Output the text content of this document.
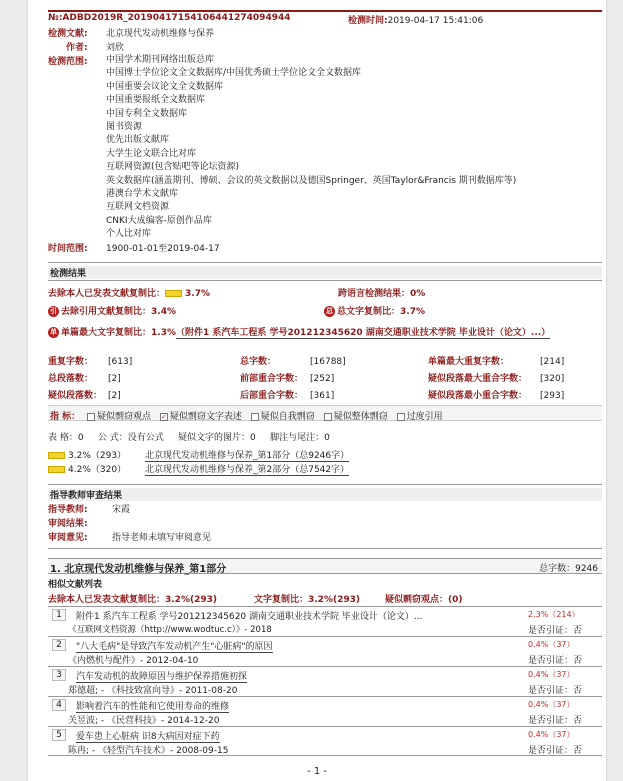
№:ADBD2019R_20190417154106441274094944	检测时间:2019-04-17 15:41:06
检测文献: 北京现代发动机维修与保养
作者: 刘欣
检测范围: 中国学术期刊网络出版总库
中国博士学位论文全文数据库/中国优秀硕士学位论文全文数据库
中国重要会议论文全文数据库
中国重要报纸全文数据库
中国专利全文数据库
图书资源
优先出版文献库
大学生论文联合比对库
互联网资源(包含贴吧等论坛资源)
英文数据库(涵盖期刊、博硕、会议的英文数据以及德国Springer、英国Taylor&Francis 期刊数据库等)
港澳台学术文献库
互联网文档资源
CNKI大成编客-原创作品库
个人比对库
时间范围: 1900-01-01至2019-04-17
检测结果
去除本人已发表文献复制比： 3.7%	跨语言检测结果：0%
引 去除引用文献复制比：3.4%	总 总文字复制比：3.7%
单 单篇最大文字复制比：1.3%（附件1 系汽车工程系 学号201212345620 湖南交通职业技术学院 毕业设计（论文）...）
重复字数： [613]	总字数：	[16788]	单篇最大重复字数：	[214]
总段落数： [2]	前部重合字数： [252]	疑似段落最大重合字数： [320]
疑似段落数： [2]	后部重合字数： [361]	疑似段落最小重合字数： [293]
指 标： 疑似剽窃观点 ✓ 疑似剽窃文字表述 疑似自我剽窃 疑似整体剽窃 过度引用
表 格：0     公 式：没有公式     疑似文字的图片：0     脚注与尾注：0
3.2%（293） 北京现代发动机维修与保养_第1部分（总9246字）
4.2%（320） 北京现代发动机维修与保养_第2部分（总7542字）
指导教师审查结果
指导教师:	宋霞
审阅结果:
审阅意见:	指导老师未填写审阅意见
1. 北京现代发动机维修与保养_第1部分	总字数：9246
相似文献列表
去除本人已发表文献复制比：3.2%(293)	文字复制比：3.2%(293)	疑似剽窃观点：(0)
1	附件1 系汽车工程系 学号201212345620 湖南交通职业技术学院 毕业设计（论文）...	2.3%（214）
《互联网文档资源（http://www.wodtuc.c）》- 2018	是否引证：否
2	"八大毛病"是导致汽车发动机产生"心脏病"的原因	0.4%（37）
《内燃机与配件》- 2012-04-10	是否引证：否
3	汽车发动机的故障原因与维护保养措施初探	0.4%（37）
郑德超; - 《科技致富向导》- 2011-08-20	是否引证：否
4	影响着汽车的性能和它使用寿命的维修	0.4%（37）
关昱波; - 《民营科技》- 2014-12-20	是否引证：否
5	爱车患上心脏病 识8大病因对症下药	0.4%（37）
陈冉; - 《轻型汽车技术》- 2008-09-15	是否引证：否
- 1 -
